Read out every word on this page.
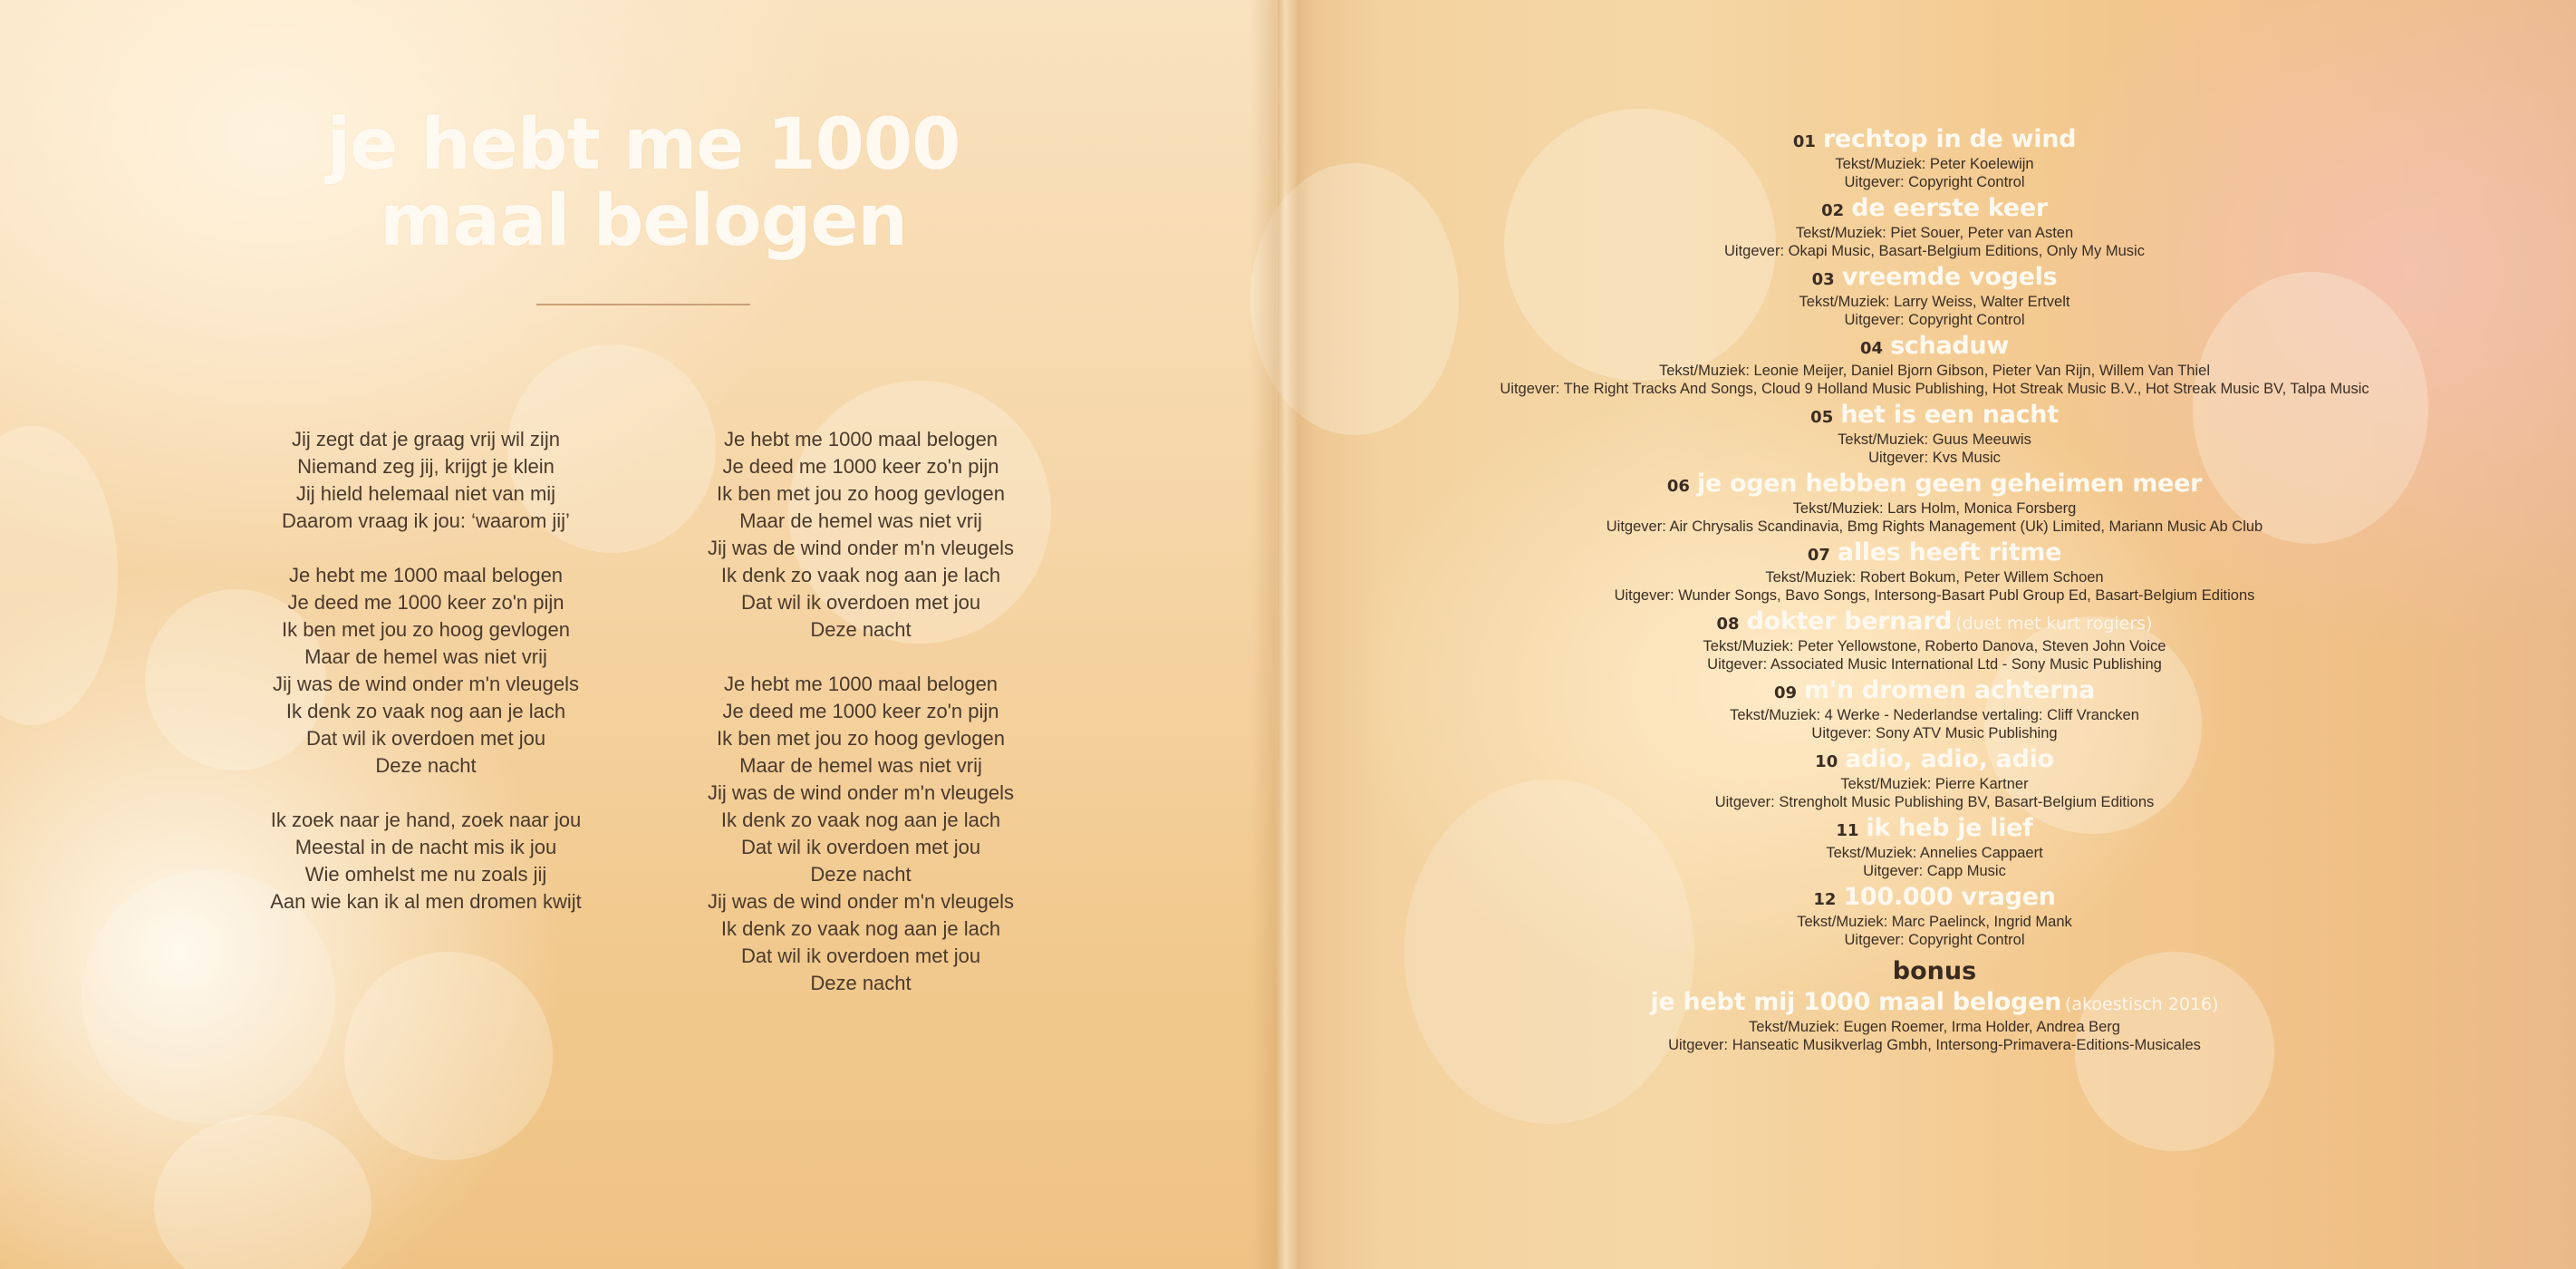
je hebt me 1000 maal belogen
Jij zegt dat je graag vrij wil zijn
Niemand zeg jij, krijgt je klein
Jij hield helemaal niet van mij
Daarom vraag ik jou: ‘waarom jij’
Je hebt me 1000 maal belogen
Je deed me 1000 keer zo'n pijn
Ik ben met jou zo hoog gevlogen
Maar de hemel was niet vrij
Jij was de wind onder m'n vleugels
Ik denk zo vaak nog aan je lach
Dat wil ik overdoen met jou
Deze nacht
Ik zoek naar je hand, zoek naar jou
Meestal in de nacht mis ik jou
Wie omhelst me nu zoals jij
Aan wie kan ik al men dromen kwijt
Je hebt me 1000 maal belogen
Je deed me 1000 keer zo'n pijn
Ik ben met jou zo hoog gevlogen
Maar de hemel was niet vrij
Jij was de wind onder m'n vleugels
Ik denk zo vaak nog aan je lach
Dat wil ik overdoen met jou
Deze nacht
Je hebt me 1000 maal belogen
Je deed me 1000 keer zo'n pijn
Ik ben met jou zo hoog gevlogen
Maar de hemel was niet vrij
Jij was de wind onder m'n vleugels
Ik denk zo vaak nog aan je lach
Dat wil ik overdoen met jou
Deze nacht
Jij was de wind onder m'n vleugels
Ik denk zo vaak nog aan je lach
Dat wil ik overdoen met jou
Deze nacht
01 rechtop in de wind
Tekst/Muziek: Peter Koelewijn
Uitgever: Copyright Control
02 de eerste keer
Tekst/Muziek: Piet Souer, Peter van Asten
Uitgever: Okapi Music, Basart-Belgium Editions, Only My Music
03 vreemde vogels
Tekst/Muziek: Larry Weiss, Walter Ertvelt
Uitgever: Copyright Control
04 schaduw
Tekst/Muziek: Leonie Meijer, Daniel Bjorn Gibson, Pieter Van Rijn, Willem Van Thiel
Uitgever: The Right Tracks And Songs, Cloud 9 Holland Music Publishing, Hot Streak Music B.V., Hot Streak Music BV, Talpa Music
05 het is een nacht
Tekst/Muziek: Guus Meeuwis
Uitgever: Kvs Music
06 je ogen hebben geen geheimen meer
Tekst/Muziek: Lars Holm, Monica Forsberg
Uitgever: Air Chrysalis Scandinavia, Bmg Rights Management (Uk) Limited, Mariann Music Ab Club
07 alles heeft ritme
Tekst/Muziek: Robert Bokum, Peter Willem Schoen
Uitgever: Wunder Songs, Bavo Songs, Intersong-Basart Publ Group Ed, Basart-Belgium Editions
08 dokter bernard (duet met kurt rogiers)
Tekst/Muziek: Peter Yellowstone, Roberto Danova, Steven John Voice
Uitgever: Associated Music International Ltd - Sony Music Publishing
09 m'n dromen achterna
Tekst/Muziek: 4 Werke - Nederlandse vertaling: Cliff Vrancken
Uitgever: Sony ATV Music Publishing
10 adio, adio, adio
Tekst/Muziek: Pierre Kartner
Uitgever: Strengholt Music Publishing BV, Basart-Belgium Editions
11 ik heb je lief
Tekst/Muziek: Annelies Cappaert
Uitgever: Capp Music
12 100.000 vragen
Tekst/Muziek: Marc Paelinck, Ingrid Mank
Uitgever: Copyright Control
bonus
je hebt mij 1000 maal belogen (akoestisch 2016)
Tekst/Muziek: Eugen Roemer, Irma Holder, Andrea Berg
Uitgever: Hanseatic Musikverlag Gmbh, Intersong-Primavera-Editions-Musicales
